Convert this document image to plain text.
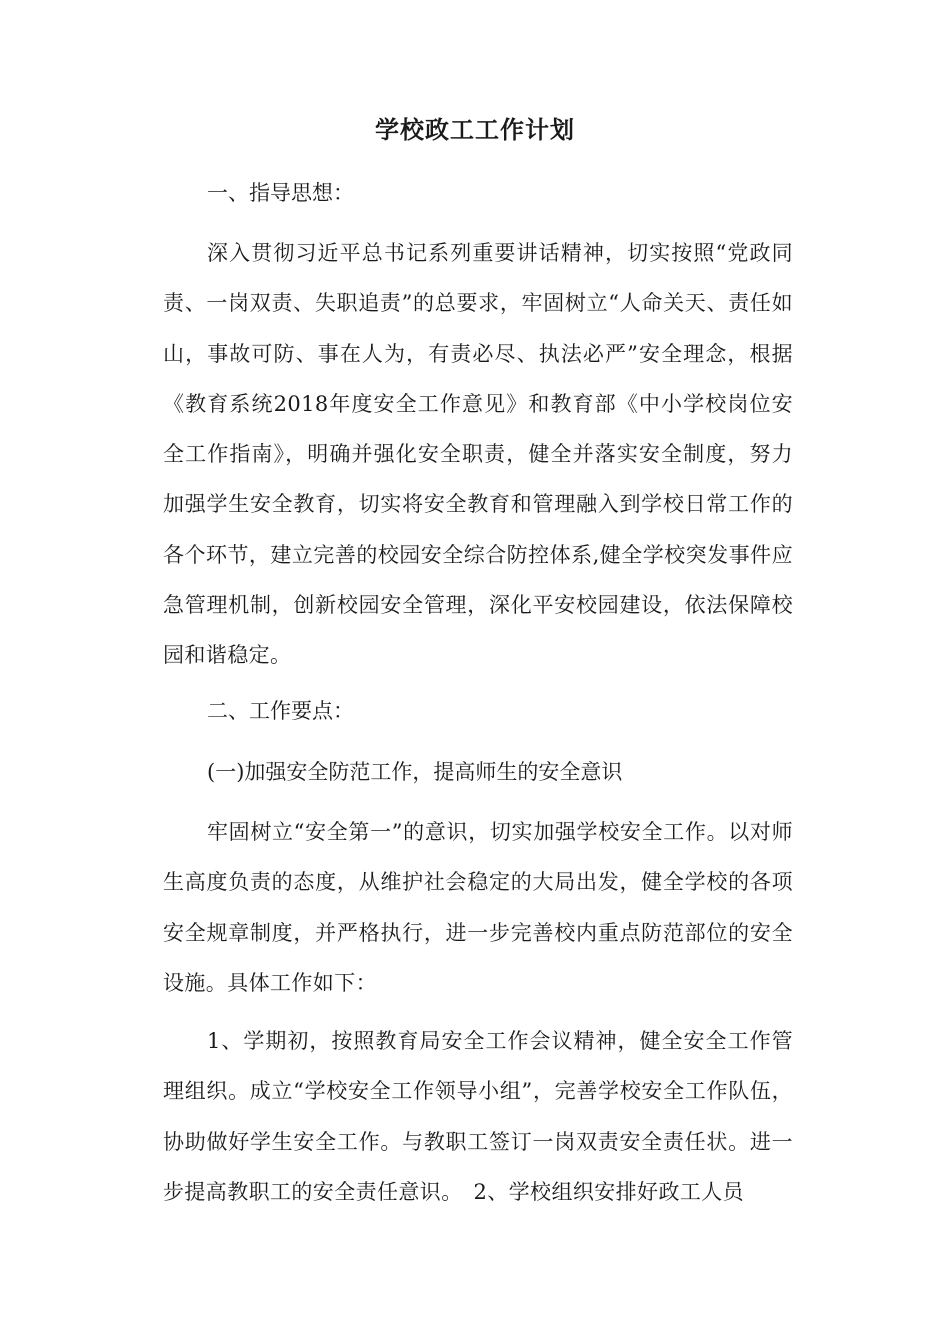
学校政工工作计划
一、指导思想：

深入贯彻习近平总书记系列重要讲话精神，切实按照“党政同责、一岗双责、失职追责”的总要求，牢固树立“人命关天、责任如山，事故可防、事在人为，有责必尽、执法必严”安全理念，根据《教育系统2018年度安全工作意见》和教育部《中小学校岗位安全工作指南》，明确并强化安全职责，健全并落实安全制度，努力加强学生安全教育，切实将安全教育和管理融入到学校日常工作的各个环节，建立完善的校园安全综合防控体系,健全学校突发事件应急管理机制，创新校园安全管理，深化平安校园建设，依法保障校园和谐稳定。

二、工作要点：
(一)加强安全防范工作，提高师生的安全意识

牢固树立“安全第一”的意识，切实加强学校安全工作。以对师生高度负责的态度，从维护社会稳定的大局出发，健全学校的各项安全规章制度，并严格执行，进一步完善校内重点防范部位的安全设施。具体工作如下：

1、学期初，按照教育局安全工作会议精神，健全安全工作管理组织。成立“学校安全工作领导小组”，完善学校安全工作队伍，协助做好学生安全工作。与教职工签订一岗双责安全责任状。进一步提高教职工的安全责任意识。　2、学校组织安排好政工人员
